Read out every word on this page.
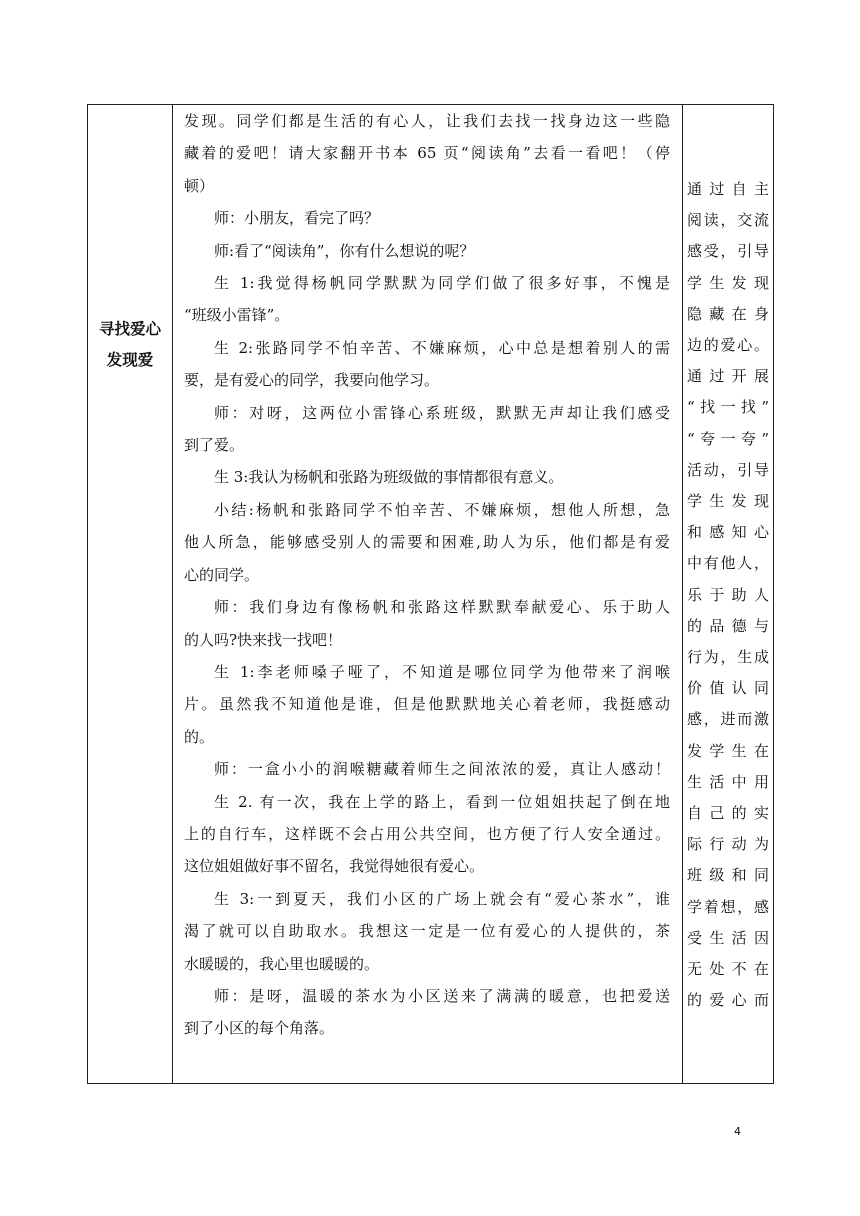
寻找爱心
发现爱
发现。同学们都是生活的有心人，让我们去找一找身边这一些隐
藏着的爱吧！请大家翻开书本 65 页“阅读角”去看一看吧！（停
顿）
师：小朋友，看完了吗？
师:看了“阅读角”，你有什么想说的呢？
生 1:我觉得杨帆同学默默为同学们做了很多好事，不愧是
“班级小雷锋”。
生 2:张路同学不怕辛苦、不嫌麻烦，心中总是想着别人的需
要，是有爱心的同学，我要向他学习。
师：对呀，这两位小雷锋心系班级，默默无声却让我们感受
到了爱。
生 3:我认为杨帆和张路为班级做的事情都很有意义。
小结:杨帆和张路同学不怕辛苦、不嫌麻烦，想他人所想，急
他人所急，能够感受别人的需要和困难,助人为乐，他们都是有爱
心的同学。
师：我们身边有像杨帆和张路这样默默奉献爱心、乐于助人
的人吗?快来找一找吧！
生 1:李老师嗓子哑了，不知道是哪位同学为他带来了润喉
片。虽然我不知道他是谁，但是他默默地关心着老师，我挺感动
的。
师：一盒小小的润喉糖藏着师生之间浓浓的爱，真让人感动！
生 2. 有一次，我在上学的路上，看到一位姐姐扶起了倒在地
上的自行车，这样既不会占用公共空间，也方便了行人安全通过。
这位姐姐做好事不留名，我觉得她很有爱心。
生 3:一到夏天，我们小区的广场上就会有“爱心茶水”，谁
渴了就可以自助取水。我想这一定是一位有爱心的人提供的，茶
水暖暖的，我心里也暖暖的。
师：是呀，温暖的茶水为小区送来了满满的暖意，也把爱送
到了小区的每个角落。
通过自主
阅读，交流
感受，引导
学生发现
隐藏在身
边的爱心。
通过开展
“找一找”
“夸一夸”
活动，引导
学生发现
和感知心
中有他人，
乐于助人
的品德与
行为，生成
价值认同
感，进而激
发学生在
生活中用
自己的实
际行动为
班级和同
学着想，感
受生活因
无处不在
的爱心而
4
